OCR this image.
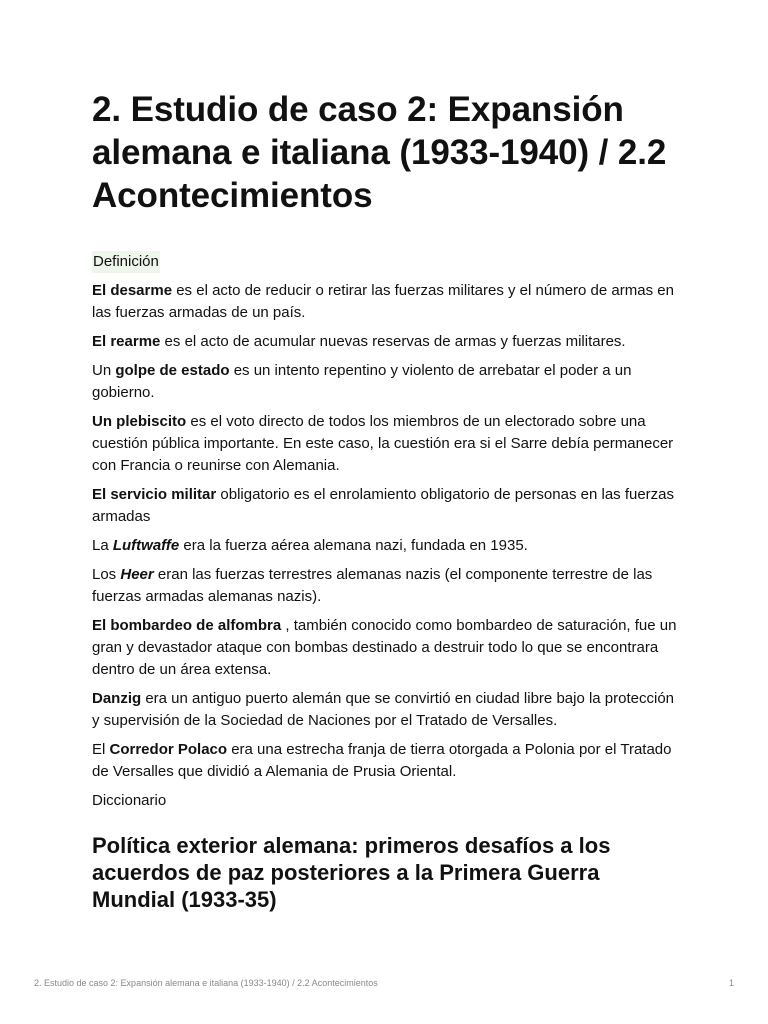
2. Estudio de caso 2: Expansión alemana e italiana (1933-1940) / 2.2 Acontecimientos
Definición

El desarme es el acto de reducir o retirar las fuerzas militares y el número de armas en las fuerzas armadas de un país.

El rearme es el acto de acumular nuevas reservas de armas y fuerzas militares.

Un golpe de estado es un intento repentino y violento de arrebatar el poder a un gobierno.

Un plebiscito es el voto directo de todos los miembros de un electorado sobre una cuestión pública importante. En este caso, la cuestión era si el Sarre debía permanecer con Francia o reunirse con Alemania.

El servicio militar obligatorio es el enrolamiento obligatorio de personas en las fuerzas armadas

La Luftwaffe era la fuerza aérea alemana nazi, fundada en 1935.

Los Heer eran las fuerzas terrestres alemanas nazis (el componente terrestre de las fuerzas armadas alemanas nazis).

El bombardeo de alfombra , también conocido como bombardeo de saturación, fue un gran y devastador ataque con bombas destinado a destruir todo lo que se encontrara dentro de un área extensa.

Danzig era un antiguo puerto alemán que se convirtió en ciudad libre bajo la protección y supervisión de la Sociedad de Naciones por el Tratado de Versalles.

El Corredor Polaco era una estrecha franja de tierra otorgada a Polonia por el Tratado de Versalles que dividió a Alemania de Prusia Oriental.

Diccionario
Política exterior alemana: primeros desafíos a los acuerdos de paz posteriores a la Primera Guerra Mundial (1933-35)
2. Estudio de caso 2: Expansión alemana e italiana (1933-1940) / 2.2 Acontecimientos	1
